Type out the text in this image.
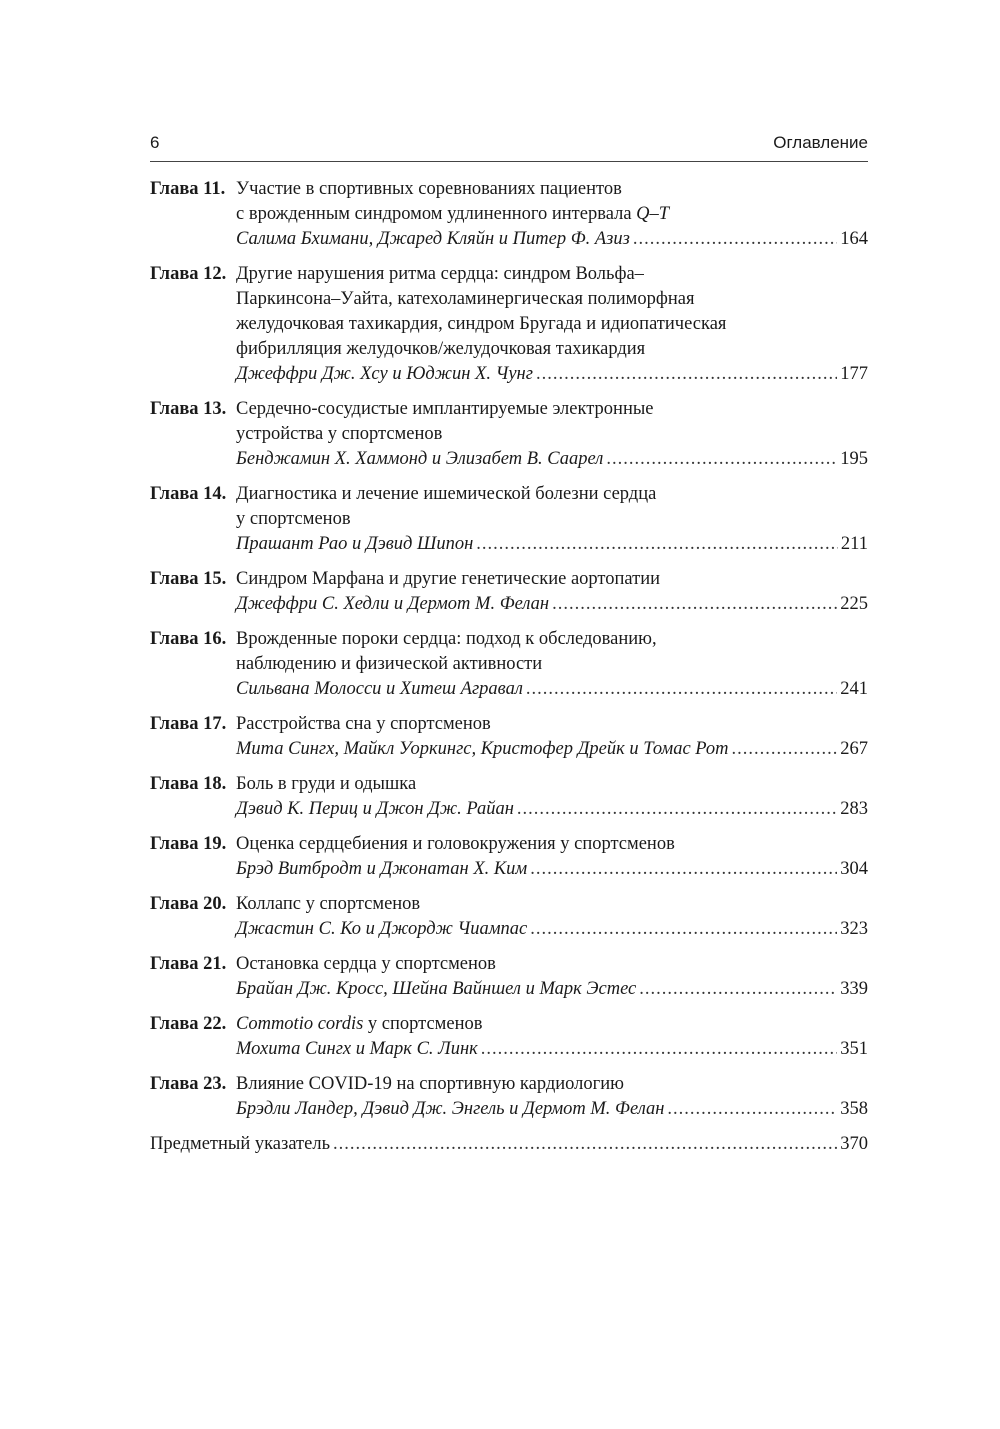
6	Оглавление
Глава 11. Участие в спортивных соревнованиях пациентов
с врожденным синдромом удлиненного интервала Q–T
Салима Бхимани, Джаред Кляйн и Питер Ф. Азиз .....	164
Глава 12. Другие нарушения ритма сердца: синдром Вольфа–
Паркинсона–Уайта, катехоламинергическая полиморфная
желудочковая тахикардия, синдром Бругада и идиопатическая
фибрилляция желудочков/желудочковая тахикардия
Джеффри Дж. Хсу и Юджин Х. Чунг .....	177
Глава 13. Сердечно-сосудистые имплантируемые электронные
устройства у спортсменов
Бенджамин Х. Хаммонд и Элизабет В. Саарел .....	195
Глава 14. Диагностика и лечение ишемической болезни сердца
у спортсменов
Прашант Рао и Дэвид Шипон .....	211
Глава 15. Синдром Марфана и другие генетические аортопатии
Джеффри С. Хедли и Дермот М. Фелан .....	225
Глава 16. Врожденные пороки сердца: подход к обследованию,
наблюдению и физической активности
Сильвана Молосси и Хитеш Агравал .....	241
Глава 17. Расстройства сна у спортсменов
Мита Сингх, Майкл Уоркингс, Кристофер Дрейк и Томас Рот .....	267
Глава 18. Боль в груди и одышка
Дэвид К. Периц и Джон Дж. Райан .....	283
Глава 19. Оценка сердцебиения и головокружения у спортсменов
Брэд Витбродт и Джонатан Х. Ким .....	304
Глава 20. Коллапс у спортсменов
Джастин С. Ко и Джордж Чиампас .....	323
Глава 21. Остановка сердца у спортсменов
Брайан Дж. Кросс, Шейна Вайншел и Марк Эстес .....	339
Глава 22. Commotio cordis у спортсменов
Мохита Сингх и Марк С. Линк .....	351
Глава 23. Влияние COVID-19 на спортивную кардиологию
Брэдли Ландер, Дэвид Дж. Энгель и Дермот М. Фелан .....	358
Предметный указатель .....	370
